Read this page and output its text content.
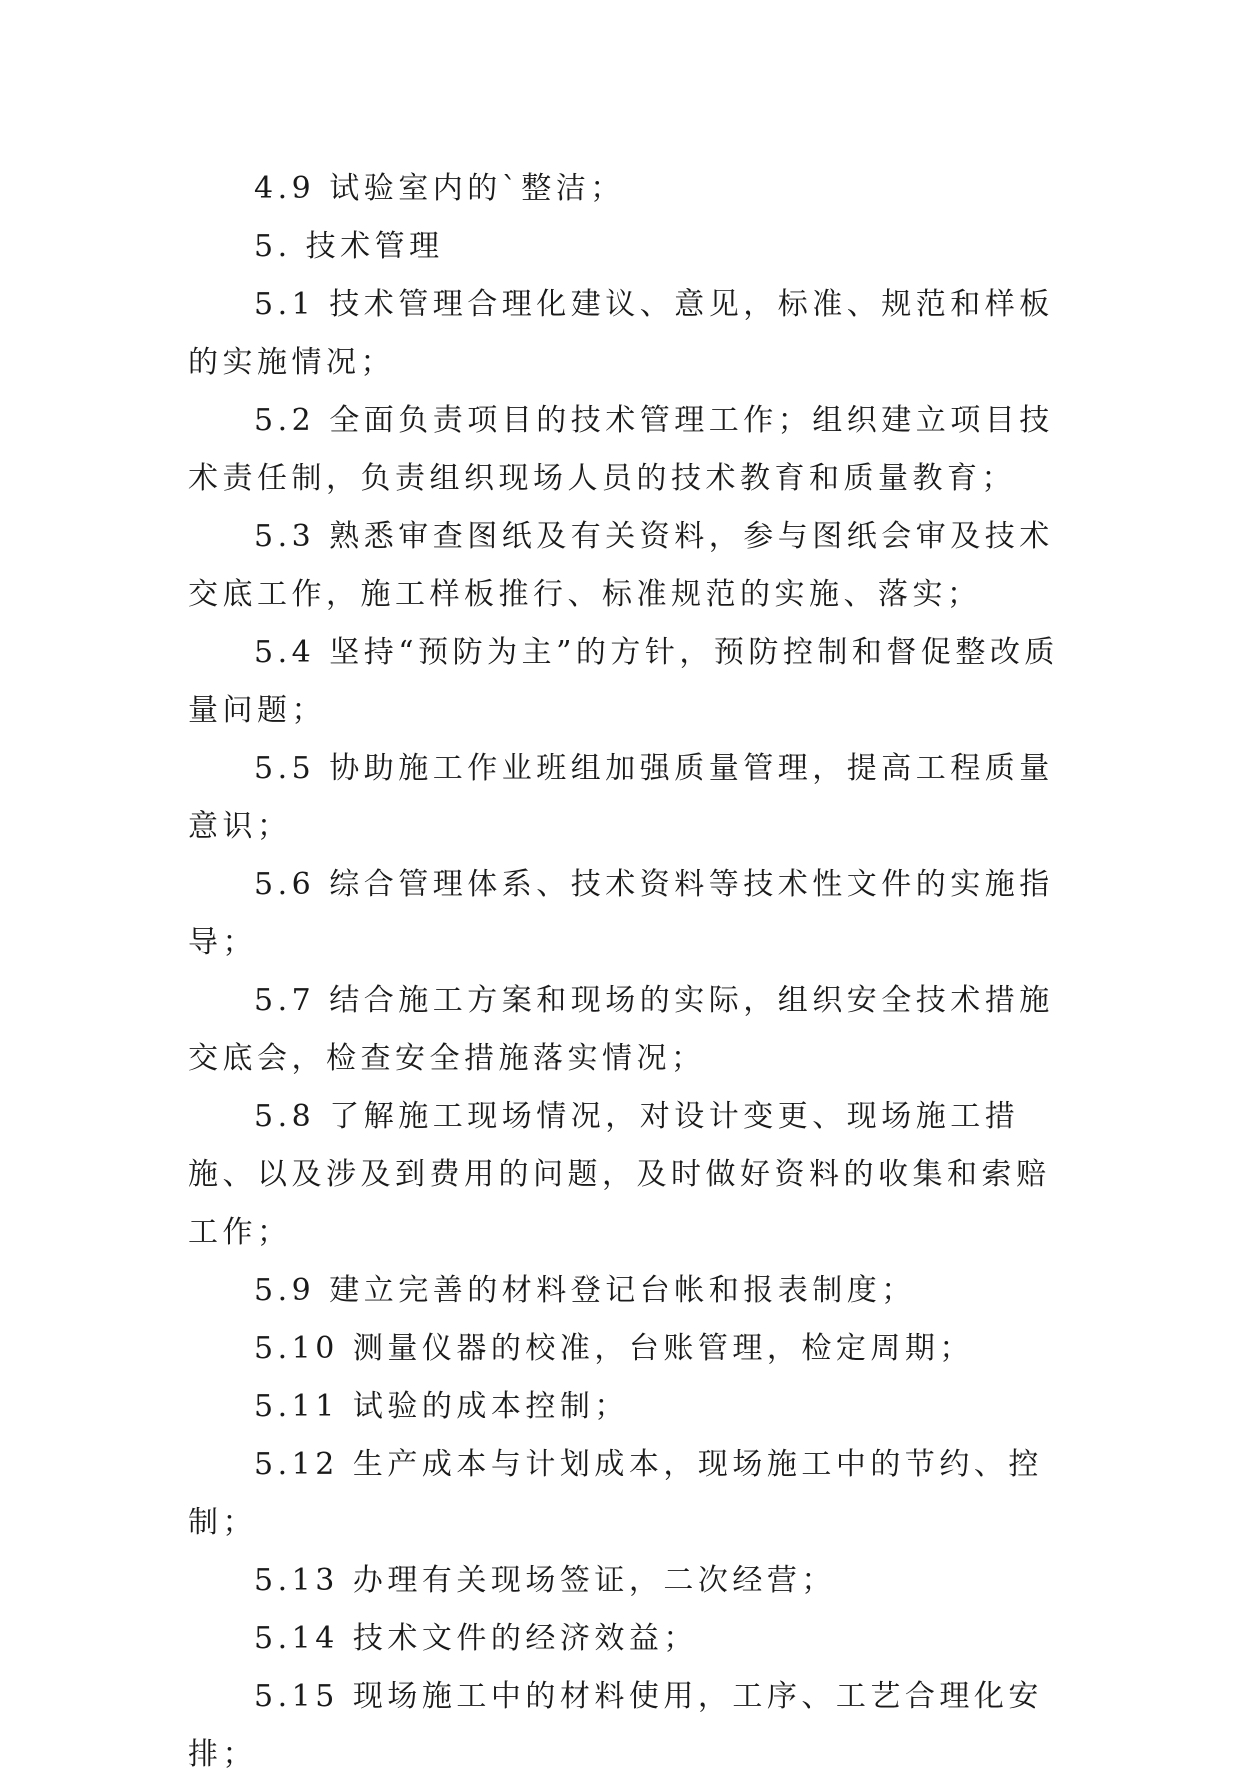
4.9 试验室内的`整洁；

5. 技术管理

5.1 技术管理合理化建议、意见，标准、规范和样板的实施情况；

5.2 全面负责项目的技术管理工作；组织建立项目技术责任制，负责组织现场人员的技术教育和质量教育；

5.3 熟悉审查图纸及有关资料，参与图纸会审及技术交底工作，施工样板推行、标准规范的实施、落实；

5.4 坚持“预防为主”的方针，预防控制和督促整改质量问题；

5.5 协助施工作业班组加强质量管理，提高工程质量意识；

5.6 综合管理体系、技术资料等技术性文件的实施指导；

5.7 结合施工方案和现场的实际，组织安全技术措施交底会，检查安全措施落实情况；

5.8 了解施工现场情况，对设计变更、现场施工措施、以及涉及到费用的问题，及时做好资料的收集和索赔工作；

5.9 建立完善的材料登记台帐和报表制度；

5.10 测量仪器的校准，台账管理，检定周期；

5.11 试验的成本控制；

5.12 生产成本与计划成本，现场施工中的节约、控制；

5.13 办理有关现场签证，二次经营；

5.14 技术文件的经济效益；

5.15 现场施工中的材料使用，工序、工艺合理化安排；
